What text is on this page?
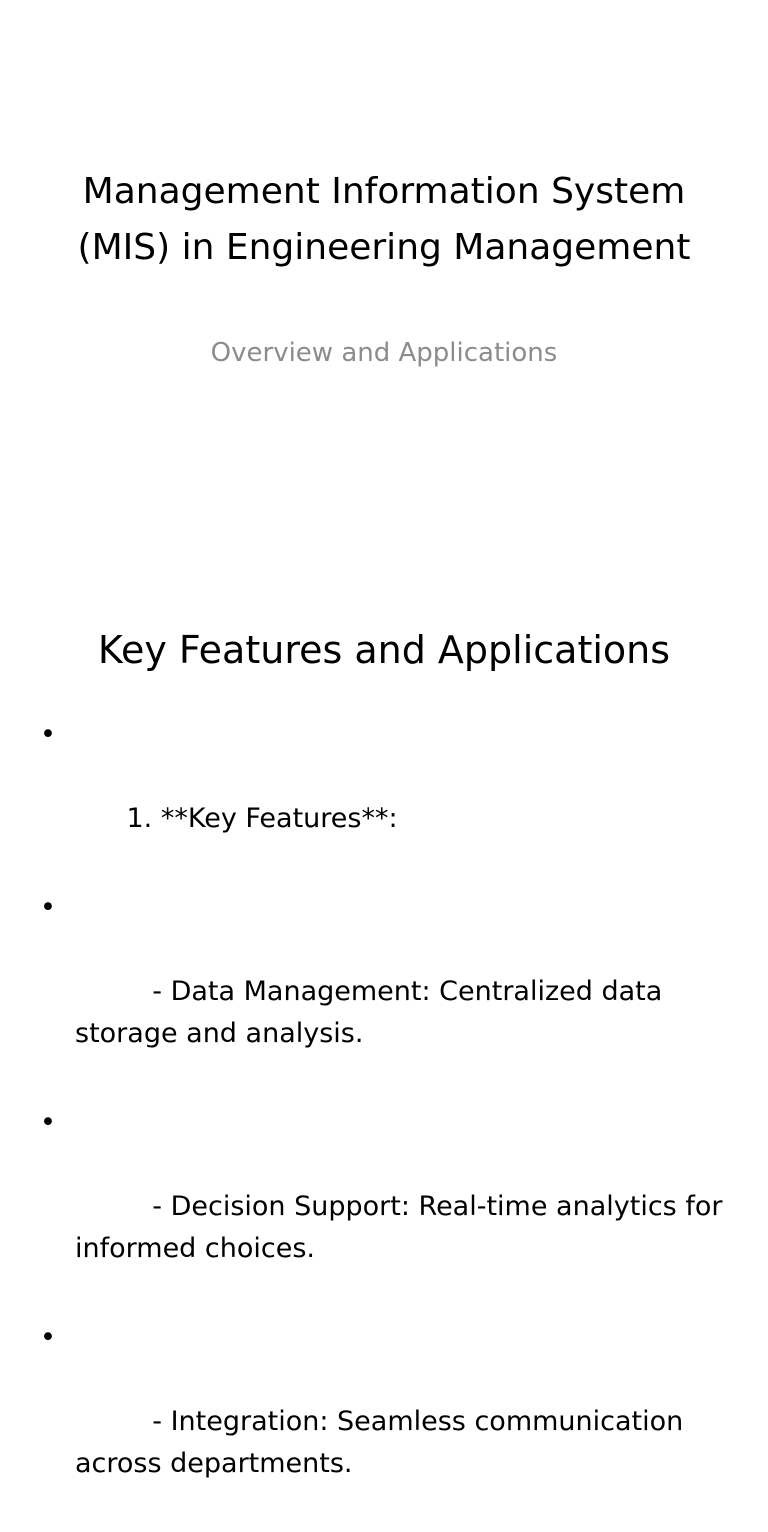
Management Information System (MIS) in Engineering Management

Overview and Applications

Key Features and Applications

•

1. **Key Features**:

•

- Data Management: Centralized data storage and analysis.

•

- Decision Support: Real-time analytics for informed choices.

•

- Integration: Seamless communication across departments.
